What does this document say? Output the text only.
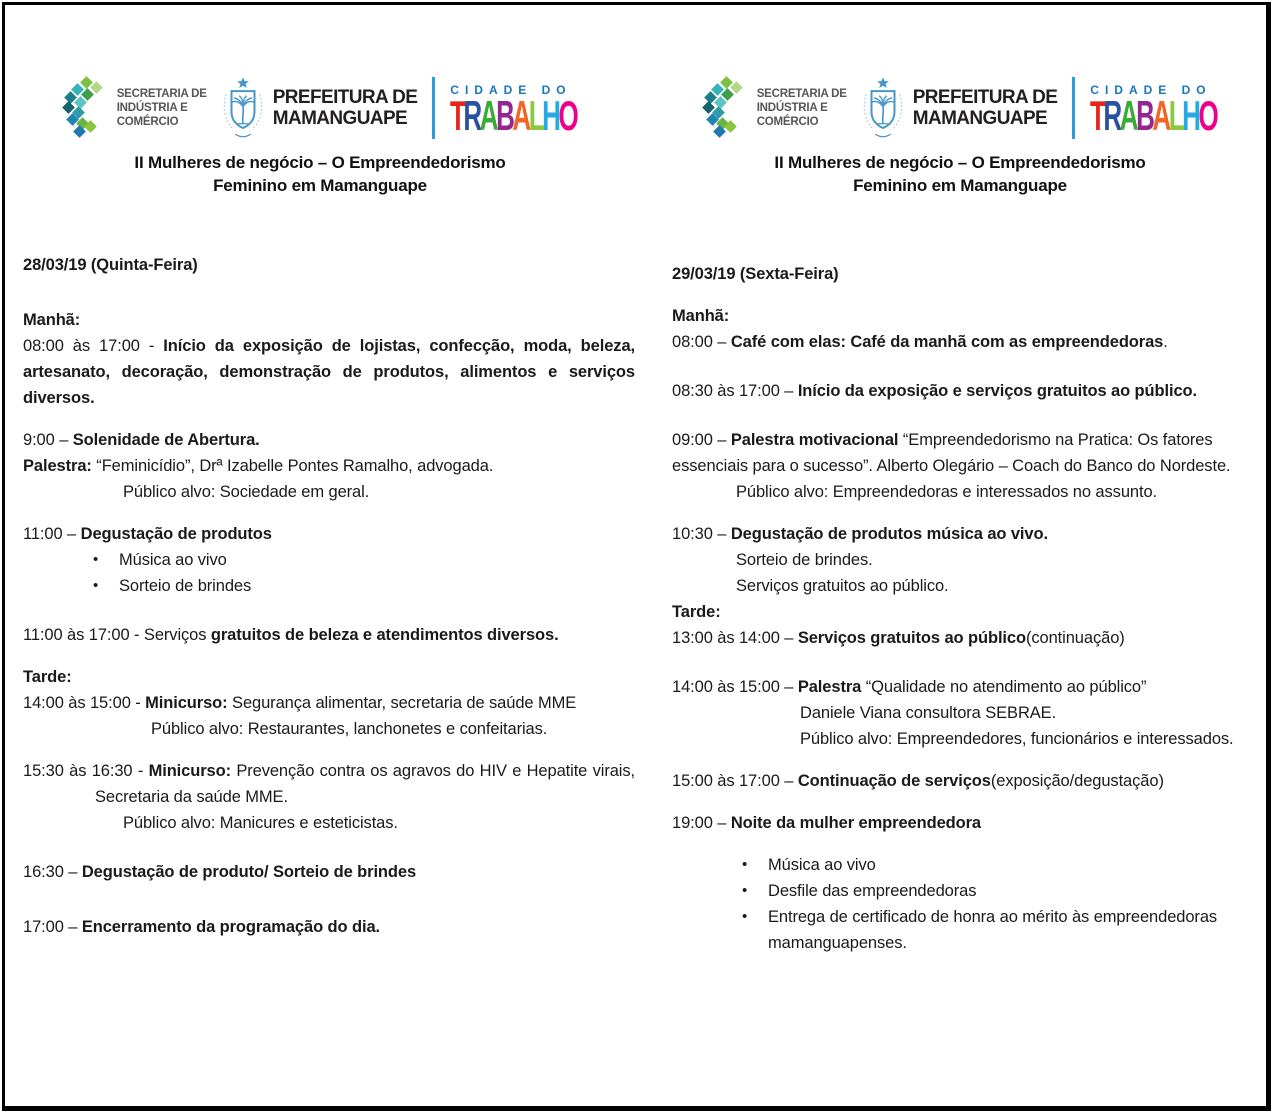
SECRETARIA DE
INDÚSTRIA E
COMÉRCIO
PREFEITURA DE
MAMANGUAPE
CIDADE DO
TRABALHO
II Mulheres de negócio – O Empreendedorismo
Feminino em Mamanguape
SECRETARIA DE
INDÚSTRIA E
COMÉRCIO
PREFEITURA DE
MAMANGUAPE
CIDADE DO
TRABALHO
II Mulheres de negócio – O Empreendedorismo
Feminino em Mamanguape
28/03/19 (Quinta-Feira)
Manhã:
08:00 às 17:00 - Início da exposição de lojistas, confecção, moda, beleza, artesanato, decoração, demonstração de produtos, alimentos e serviços diversos.
9:00 – Solenidade de Abertura.
Palestra: “Feminicídio”, Drª Izabelle Pontes Ramalho, advogada.
Público alvo: Sociedade em geral.
11:00 – Degustação de produtos
•	Música ao vivo
•	Sorteio de brindes
11:00 às 17:00 - Serviços gratuitos de beleza e atendimentos diversos.
Tarde:
14:00 às 15:00 - Minicurso: Segurança alimentar, secretaria de saúde MME
Público alvo: Restaurantes, lanchonetes e confeitarias.
15:30 às 16:30 - Minicurso: Prevenção contra os agravos do HIV e Hepatite virais,Secretaria da saúde MME.
Público alvo: Manicures e esteticistas.
16:30 – Degustação de produto/ Sorteio de brindes
17:00 – Encerramento da programação do dia.
29/03/19 (Sexta-Feira)
Manhã:
08:00 – Café com elas: Café da manhã com as empreendedoras.
08:30 às 17:00 – Início da exposição e serviços gratuitos ao público.
09:00 – Palestra motivacional “Empreendedorismo na Pratica: Os fatores essenciais para o sucesso”. Alberto Olegário – Coach do Banco do Nordeste.
Público alvo: Empreendedoras e interessados no assunto.
10:30 – Degustação de produtos música ao vivo.
Sorteio de brindes.
Serviços gratuitos ao público.
Tarde:
13:00 às 14:00 – Serviços gratuitos ao público(continuação)
14:00 às 15:00 – Palestra “Qualidade no atendimento ao público”
Daniele Viana consultora SEBRAE.
Público alvo: Empreendedores, funcionários e interessados.
15:00 às 17:00 – Continuação de serviços(exposição/degustação)
19:00 – Noite da mulher empreendedora
•	Música ao vivo
•	Desfile das empreendedoras
•	Entrega de certificado de honra ao mérito às empreendedoras mamanguapenses.
